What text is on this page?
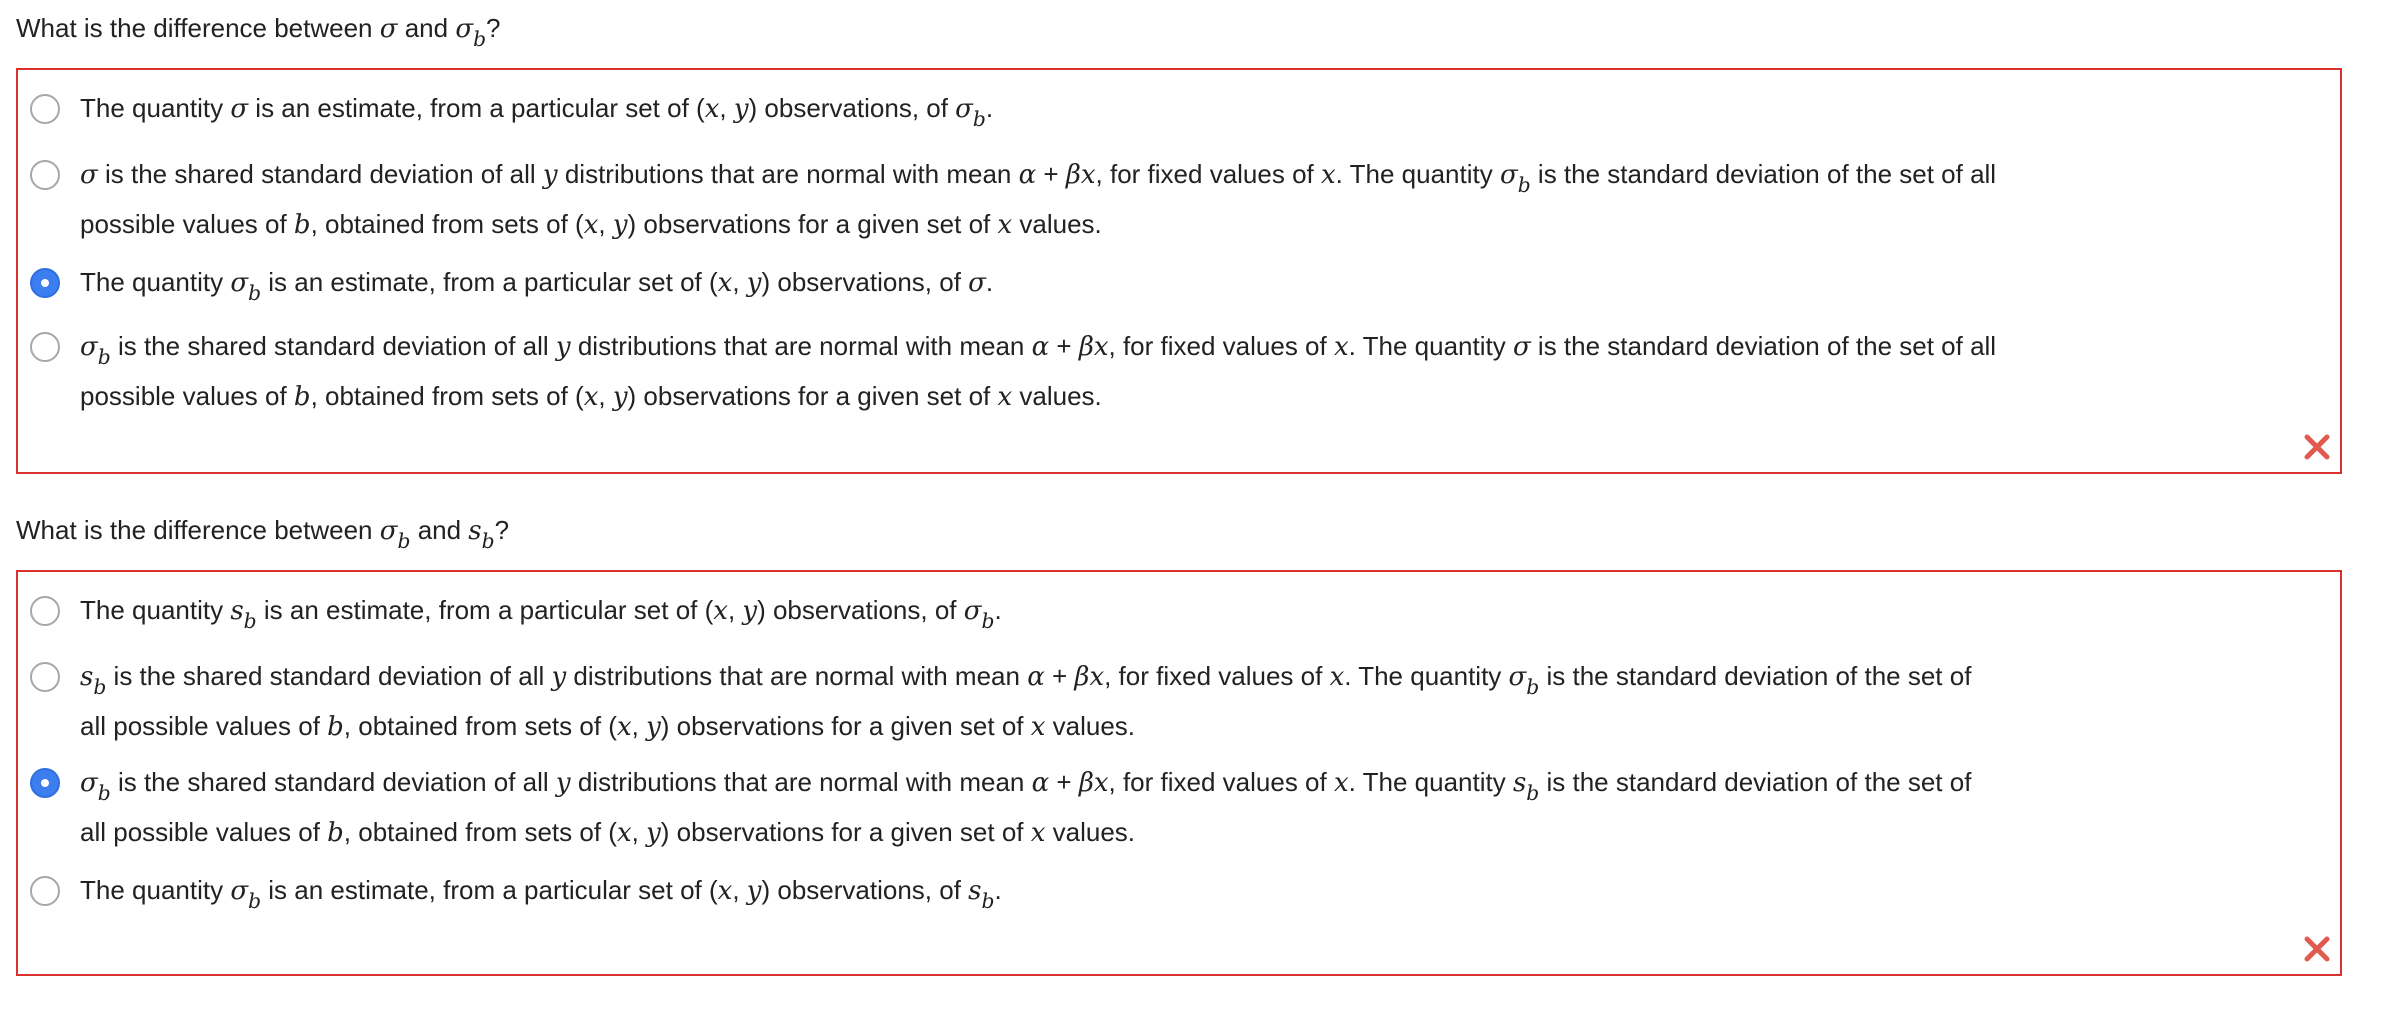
What is the difference between σ and $\sigma_b$?
The quantity σ is an estimate, from a particular set of (x, y) observations, of $\sigma_b$.
σ is the shared standard deviation of all y distributions that are normal with mean α + βx, for fixed values of x. The quantity $\sigma_b$ is the standard deviation of the set of all
possible values of b, obtained from sets of (x, y) observations for a given set of x values.
The quantity $\sigma_b$ is an estimate, from a particular set of (x, y) observations, of σ.
$\sigma_b$ is the shared standard deviation of all y distributions that are normal with mean α + βx, for fixed values of x. The quantity σ is the standard deviation of the set of all
possible values of b, obtained from sets of (x, y) observations for a given set of x values.
What is the difference between $\sigma_b$ and $s_b$?
The quantity $s_b$ is an estimate, from a particular set of (x, y) observations, of $\sigma_b$.
$s_b$ is the shared standard deviation of all y distributions that are normal with mean α + βx, for fixed values of x. The quantity $\sigma_b$ is the standard deviation of the set of
all possible values of b, obtained from sets of (x, y) observations for a given set of x values.
$\sigma_b$ is the shared standard deviation of all y distributions that are normal with mean α + βx, for fixed values of x. The quantity $s_b$ is the standard deviation of the set of
all possible values of b, obtained from sets of (x, y) observations for a given set of x values.
The quantity $\sigma_b$ is an estimate, from a particular set of (x, y) observations, of $s_b$.
